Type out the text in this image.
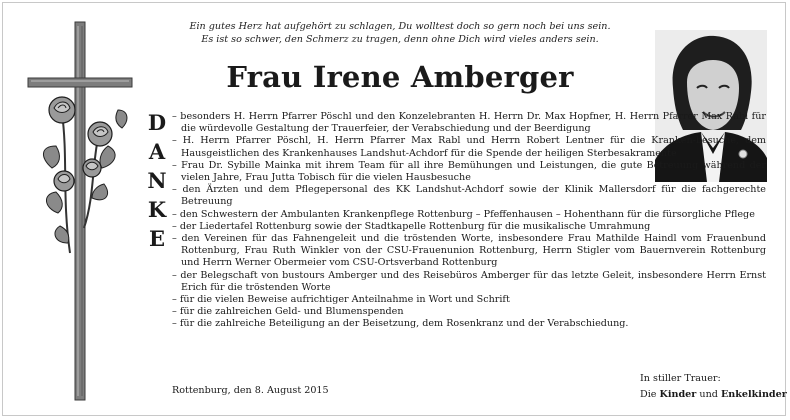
Ein gutes Herz hat aufgehört zu schlagen, Du wolltest doch so gern noch bei uns sein.
Es ist so schwer, den Schmerz zu tragen, denn ohne Dich wird vieles anders sein.
Frau Irene Amberger
D
A
N
K
E
– besonders H. Herrn Pfarrer Pöschl und den Konzelebranten H. Herrn Dr. Max Hopfner, H. Herrn Pfarrer Max Rabl für die würdevolle Gestaltung der Trauerfeier, der Verabschiedung und der Beerdigung
– H. Herrn Pfarrer Pöschl, H. Herrn Pfarrer Max Rabl und Herrn Robert Lentner für die Kranken-besuche, dem Hausgeistlichen des Krankenhauses Landshut-Achdorf für die Spende der heiligen Sterbesakramente
– Frau Dr. Sybille Mainka mit ihrem Team für all ihre Bemühungen und Leistungen, die gute Betreuung während der vielen Jahre, Frau Jutta Tobisch für die vielen Hausbesuche
– den Ärzten und dem Pflegepersonal des KK Landshut-Achdorf sowie der Klinik Mallersdorf für die fachgerechte Betreuung
– den Schwestern der Ambulanten Krankenpflege Rottenburg – Pfeffenhausen – Hohenthann für die fürsorgliche Pflege
– der Liedertafel Rottenburg sowie der Stadtkapelle Rottenburg für die musikalische Umrahmung
– den Vereinen für das Fahnengeleit und die tröstenden Worte, insbesondere Frau Mathilde Haindl vom Frauenbund Rottenburg, Frau Ruth Winkler von der CSU-Frauenunion Rottenburg, Herrn Stigler vom Bauernverein Rottenburg und Herrn Werner Obermeier vom CSU-Ortsverband Rottenburg
– der Belegschaft von bustours Amberger und des Reisebüros Amberger für das letzte Geleit, insbesondere Herrn Ernst Erich für die tröstenden Worte
– für die vielen Beweise aufrichtiger Anteilnahme in Wort und Schrift
– für die zahlreichen Geld- und Blumenspenden
– für die zahlreiche Beteiligung an der Beisetzung, dem Rosenkranz und der Verabschiedung.
Rottenburg, den 8. August 2015
In stiller Trauer:
Die Kinder und Enkelkinder
